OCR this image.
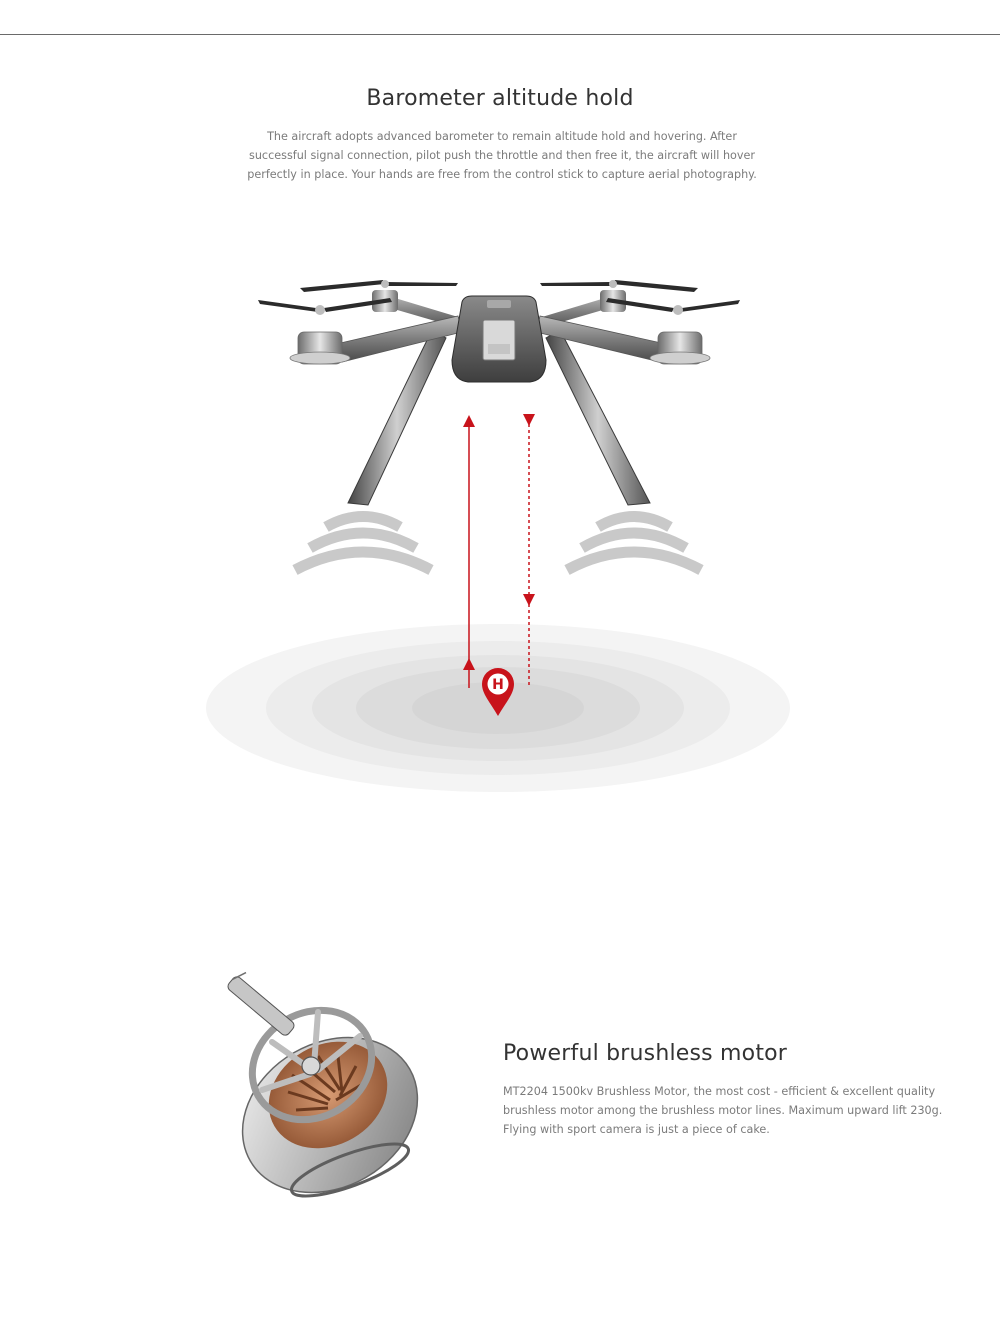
Barometer altitude hold

The aircraft adopts advanced barometer to remain altitude hold and hovering. After successful signal connection, pilot push the throttle and then free it, the aircraft will hover perfectly in place. Your hands are free from the control stick to capture aerial photography.

H
Powerful brushless motor

MT2204 1500kv Brushless Motor, the most cost - efficient & excellent quality brushless motor among the brushless motor lines. Maximum upward lift 230g. Flying with sport camera is just a piece of cake.
